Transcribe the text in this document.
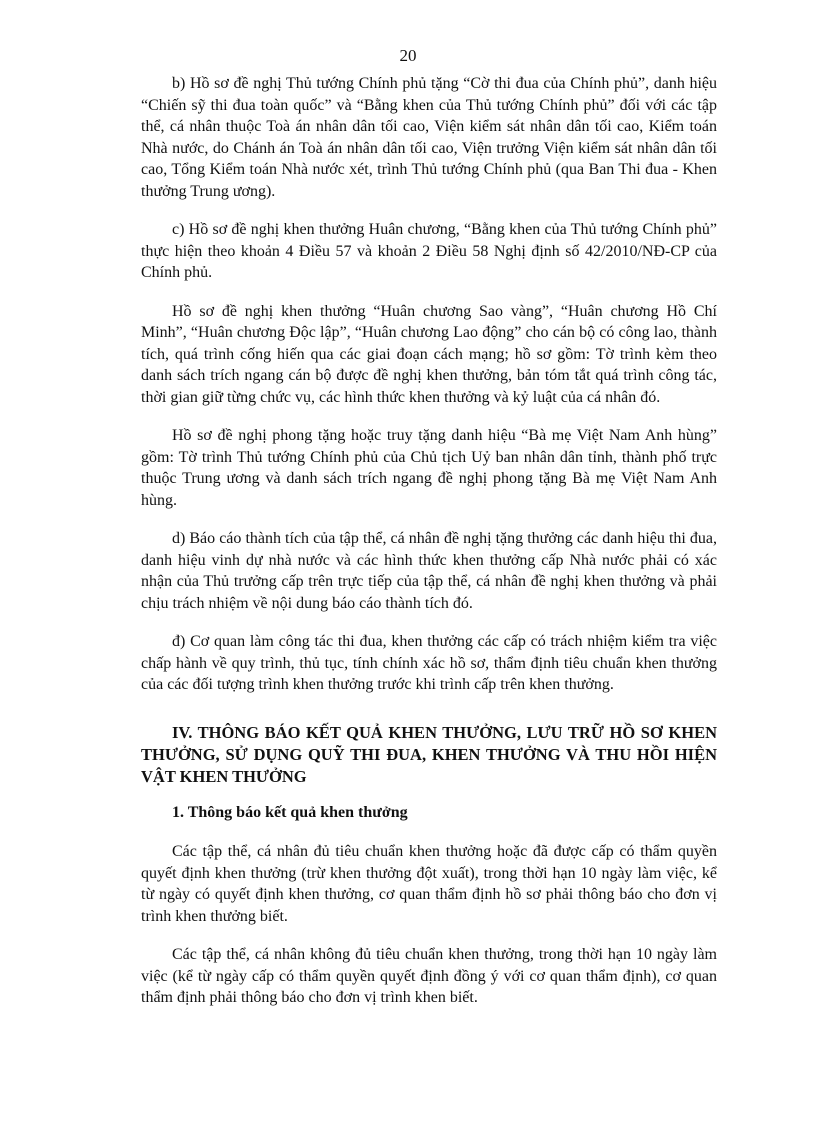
20

b) Hồ sơ đề nghị Thủ tướng Chính phủ tặng “Cờ thi đua của Chính phủ”, danh hiệu “Chiến sỹ thi đua toàn quốc” và “Bằng khen của Thủ tướng Chính phủ” đối với các tập thể, cá nhân thuộc Toà án nhân dân tối cao, Viện kiểm sát nhân dân tối cao, Kiểm toán Nhà nước, do Chánh án Toà án nhân dân tối cao, Viện trưởng Viện kiểm sát nhân dân tối cao, Tổng Kiểm toán Nhà nước xét, trình Thủ tướng Chính phủ (qua Ban Thi đua - Khen thưởng Trung ương).

c) Hồ sơ đề nghị khen thưởng Huân chương, “Bằng khen của Thủ tướng Chính phủ” thực hiện theo khoản 4 Điều 57 và khoản 2 Điều 58 Nghị định số 42/2010/NĐ-CP của Chính phủ.

Hồ sơ đề nghị khen thưởng “Huân chương Sao vàng”, “Huân chương Hồ Chí Minh”, “Huân chương Độc lập”, “Huân chương Lao động” cho cán bộ có công lao, thành tích, quá trình cống hiến qua các giai đoạn cách mạng; hồ sơ gồm: Tờ trình kèm theo danh sách trích ngang cán bộ được đề nghị khen thưởng, bản tóm tắt quá trình công tác, thời gian giữ từng chức vụ, các hình thức khen thưởng và kỷ luật của cá nhân đó.

Hồ sơ đề nghị phong tặng hoặc truy tặng danh hiệu “Bà mẹ Việt Nam Anh hùng” gồm: Tờ trình Thủ tướng Chính phủ của Chủ tịch Uỷ ban nhân dân tỉnh, thành phố trực thuộc Trung ương và danh sách trích ngang đề nghị phong tặng Bà mẹ Việt Nam Anh hùng.

d) Báo cáo thành tích của tập thể, cá nhân đề nghị tặng thưởng các danh hiệu thi đua, danh hiệu vinh dự nhà nước và các hình thức khen thưởng cấp Nhà nước phải có xác nhận của Thủ trưởng cấp trên trực tiếp của tập thể, cá nhân đề nghị khen thưởng và phải chịu trách nhiệm về nội dung báo cáo thành tích đó.

đ) Cơ quan làm công tác thi đua, khen thưởng các cấp có trách nhiệm kiểm tra việc chấp hành về quy trình, thủ tục, tính chính xác hồ sơ, thẩm định tiêu chuẩn khen thưởng của các đối tượng trình khen thưởng trước khi trình cấp trên khen thưởng.

IV. THÔNG BÁO KẾT QUẢ KHEN THƯỞNG, LƯU TRỮ HỒ SƠ KHEN THƯỞNG, SỬ DỤNG QUỸ THI ĐUA, KHEN THƯỞNG VÀ THU HỒI HIỆN VẬT KHEN THƯỞNG
1. Thông báo kết quả khen thưởng

Các tập thể, cá nhân đủ tiêu chuẩn khen thưởng hoặc đã được cấp có thẩm quyền quyết định khen thưởng (trừ khen thưởng đột xuất), trong thời hạn 10 ngày làm việc, kể từ ngày có quyết định khen thưởng, cơ quan thẩm định hồ sơ phải thông báo cho đơn vị trình khen thưởng biết.

Các tập thể, cá nhân không đủ tiêu chuẩn khen thưởng, trong thời hạn 10 ngày làm việc (kể từ ngày cấp có thẩm quyền quyết định đồng ý với cơ quan thẩm định), cơ quan thẩm định phải thông báo cho đơn vị trình khen biết.
